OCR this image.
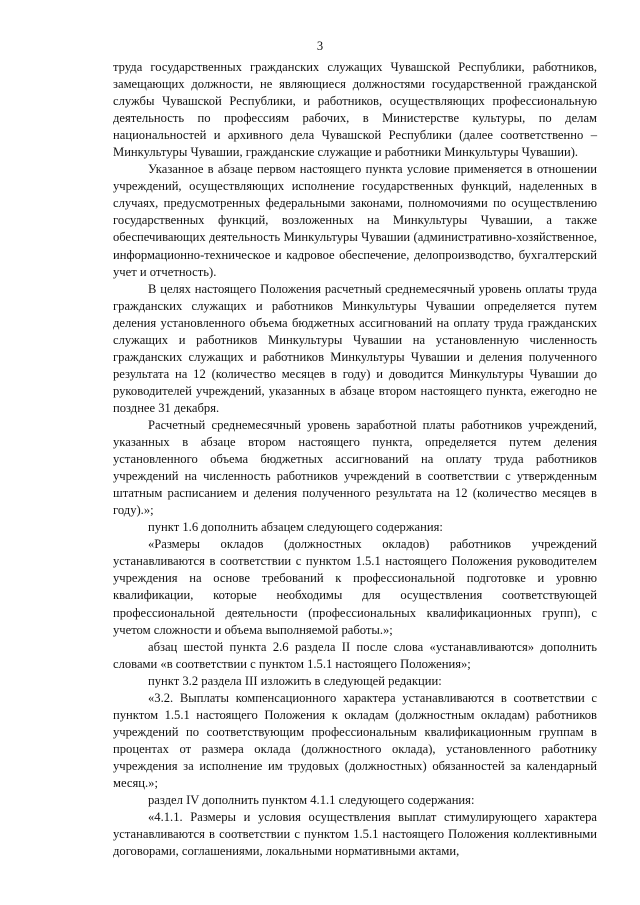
3

труда государственных гражданских служащих Чувашской Республики, работников, замещающих должности, не являющиеся должностями государственной гражданской службы Чувашской Республики, и работников, осуществляющих профессиональную деятельность по профессиям рабочих, в Министерстве культуры, по делам национальностей и архивного дела Чувашской Республики (далее соответственно – Минкультуры Чувашии, гражданские служащие и работники Минкультуры Чувашии).

Указанное в абзаце первом настоящего пункта условие применяется в отношении учреждений, осуществляющих исполнение государственных функций, наделенных в случаях, предусмотренных федеральными законами, полномочиями по осуществлению государственных функций, возложенных на Минкультуры Чувашии, а также обеспечивающих деятельность Минкультуры Чувашии (административно-хозяйственное, информационно-техническое и кадровое обеспечение, делопроизводство, бухгалтерский учет и отчетность).

В целях настоящего Положения расчетный среднемесячный уровень оплаты труда гражданских служащих и работников Минкультуры Чувашии определяется путем деления установленного объема бюджетных ассигнований на оплату труда гражданских служащих и работников Минкультуры Чувашии на установленную численность гражданских служащих и работников Минкультуры Чувашии и деления полученного результата на 12 (количество месяцев в году) и доводится Минкультуры Чувашии до руководителей учреждений, указанных в абзаце втором настоящего пункта, ежегодно не позднее 31 декабря.

Расчетный среднемесячный уровень заработной платы работников учреждений, указанных в абзаце втором настоящего пункта, определяется путем деления установленного объема бюджетных ассигнований на оплату труда работников учреждений на численность работников учреждений в соответствии с утвержденным штатным расписанием и деления полученного результата на 12 (количество месяцев в году).»;

пункт 1.6 дополнить абзацем следующего содержания:

«Размеры окладов (должностных окладов) работников учреждений устанавливаются в соответствии с пунктом 1.5.1 настоящего Положения руководителем учреждения на основе требований к профессиональной подготовке и уровню квалификации, которые необходимы для осуществления соответствующей профессиональной деятельности (профессиональных квалификационных групп), с учетом сложности и объема выполняемой работы.»;

абзац шестой пункта 2.6 раздела II после слова «устанавливаются» дополнить словами «в соответствии с пунктом 1.5.1 настоящего Положения»;

пункт 3.2 раздела III изложить в следующей редакции:

«3.2. Выплаты компенсационного характера устанавливаются в соответствии с пунктом 1.5.1 настоящего Положения к окладам (должностным окладам) работников учреждений по соответствующим профессиональным квалификационным группам в процентах от размера оклада (должностного оклада), установленного работнику учреждения за исполнение им трудовых (должностных) обязанностей за календарный месяц.»;

раздел IV дополнить пунктом 4.1.1 следующего содержания:

«4.1.1. Размеры и условия осуществления выплат стимулирующего характера устанавливаются в соответствии с пунктом 1.5.1 настоящего Положения коллективными договорами, соглашениями, локальными нормативными актами,
